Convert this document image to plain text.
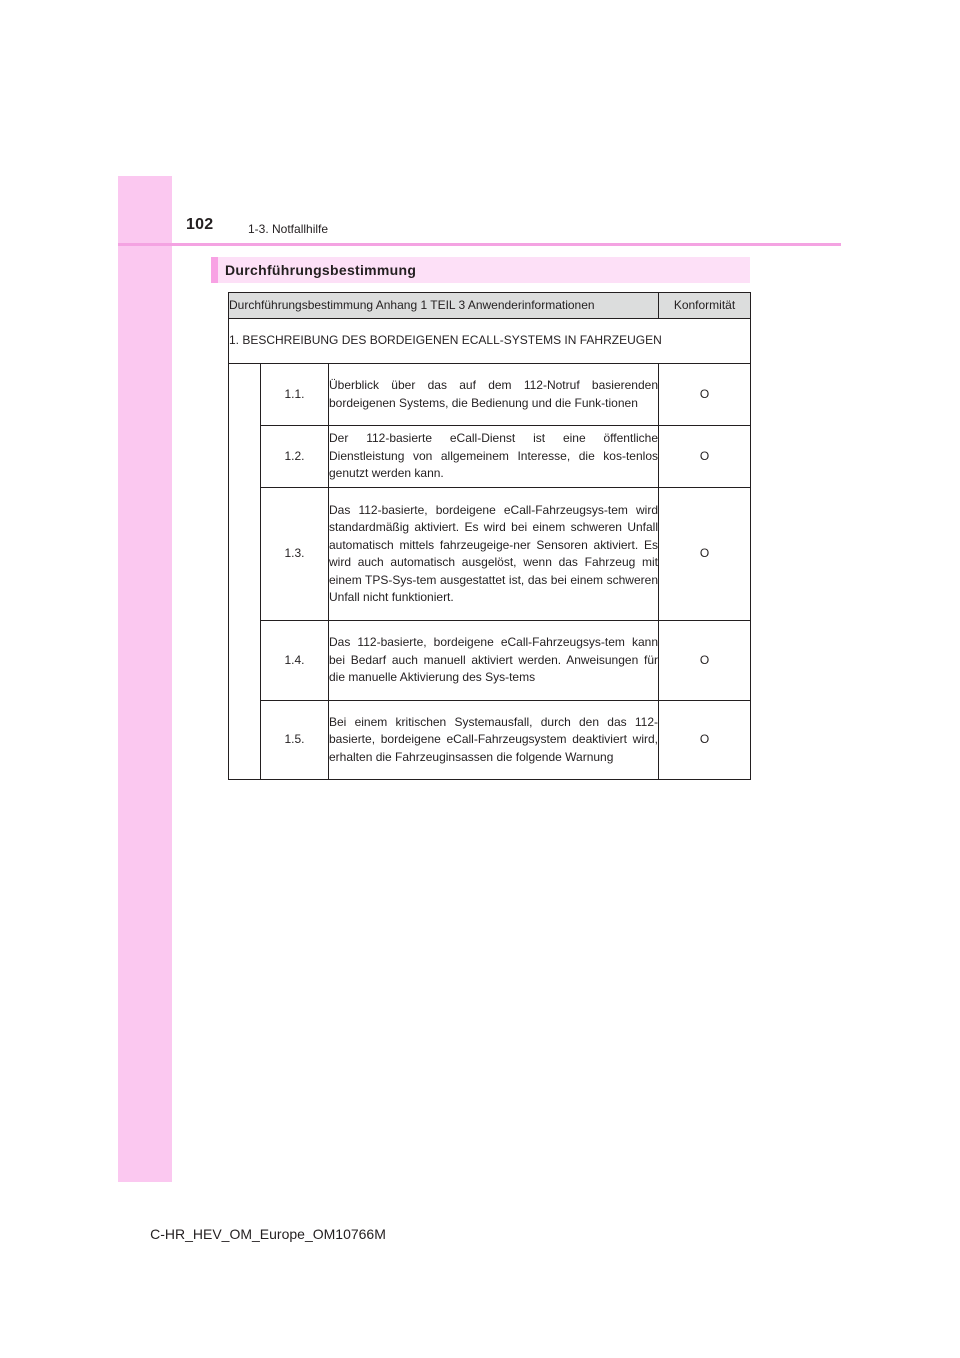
102	1-3. Notfallhilfe
Durchführungsbestimmung
Durchführungsbestimmung Anhang 1 TEIL 3 Anwenderinformationen			Konformität
1. BESCHREIBUNG DES BORDEIGENEN ECALL-SYSTEMS IN FAHRZEUGEN			
	1.1.	Überblick über das auf dem 112-Notruf basierenden bordeigenen Systems, die Bedienung und die Funk-tionen	O
	1.2.	Der 112-basierte eCall-Dienst ist eine öffentliche Dienstleistung von allgemeinem Interesse, die kos-tenlos genutzt werden kann.	O
	1.3.	Das 112-basierte, bordeigene eCall-Fahrzeugsys-tem wird standardmäßig aktiviert. Es wird bei einem schweren Unfall automatisch mittels fahrzeugeige-ner Sensoren aktiviert. Es wird auch automatisch ausgelöst, wenn das Fahrzeug mit einem TPS-Sys-tem ausgestattet ist, das bei einem schweren Unfall nicht funktioniert.	O
	1.4.	Das 112-basierte, bordeigene eCall-Fahrzeugsys-tem kann bei Bedarf auch manuell aktiviert werden. Anweisungen für die manuelle Aktivierung des Sys-tems	O
	1.5.	Bei einem kritischen Systemausfall, durch den das 112-basierte, bordeigene eCall-Fahrzeugsystem deaktiviert wird, erhalten die Fahrzeuginsassen die folgende Warnung	O
C-HR_HEV_OM_Europe_OM10766M
